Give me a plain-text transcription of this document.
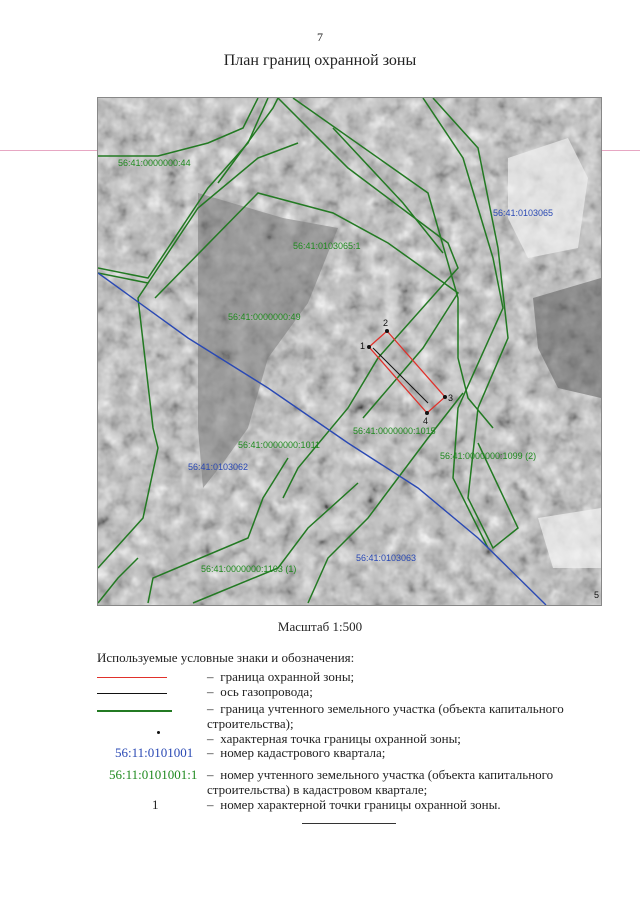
7
План границ охранной зоны
56:41:0000000:44
56:41:0103065
56:41:0103065:1
56:41:0000000:49
56:41:0000000:1015
56:41:0000000:1011
56:41:0103062
56:41:0000000:1099 (2)
56:41:0103063
56:41:0000000:1103 (1)
5
1
2
3
4
Масштаб 1:500
Используемые условные знаки и обозначения:
– граница охранной зоны;
– ось газопровода;
– граница учтенного земельного участка (объекта капитального строительства);
– характерная точка границы охранной зоны;
56:11:0101001	– номер кадастрового квартала;
56:11:0101001:1 – номер учтенного земельного участка (объекта капитального строительства) в кадастровом квартале;
1	– номер характерной точки границы охранной зоны.
